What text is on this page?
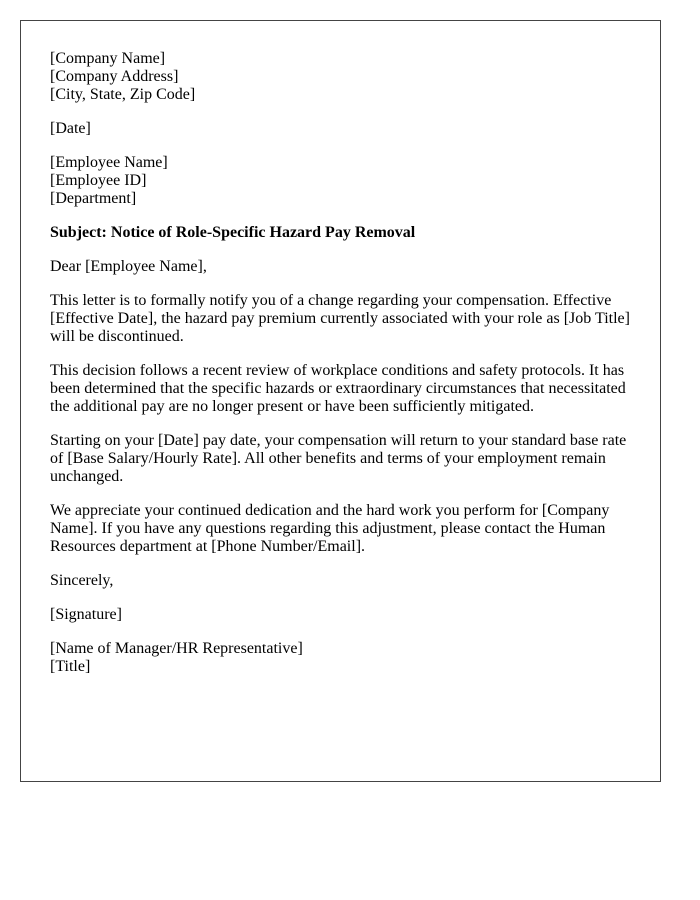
[Company Name]
[Company Address]
[City, State, Zip Code]

[Date]

[Employee Name]
[Employee ID]
[Department]

Subject: Notice of Role-Specific Hazard Pay Removal

Dear [Employee Name],

This letter is to formally notify you of a change regarding your compensation. Effective [Effective Date], the hazard pay premium currently associated with your role as [Job Title] will be discontinued.

This decision follows a recent review of workplace conditions and safety protocols. It has been determined that the specific hazards or extraordinary circumstances that necessitated the additional pay are no longer present or have been sufficiently mitigated.

Starting on your [Date] pay date, your compensation will return to your standard base rate of [Base Salary/Hourly Rate]. All other benefits and terms of your employment remain unchanged.

We appreciate your continued dedication and the hard work you perform for [Company Name]. If you have any questions regarding this adjustment, please contact the Human Resources department at [Phone Number/Email].

Sincerely,

[Signature]

[Name of Manager/HR Representative]
[Title]
